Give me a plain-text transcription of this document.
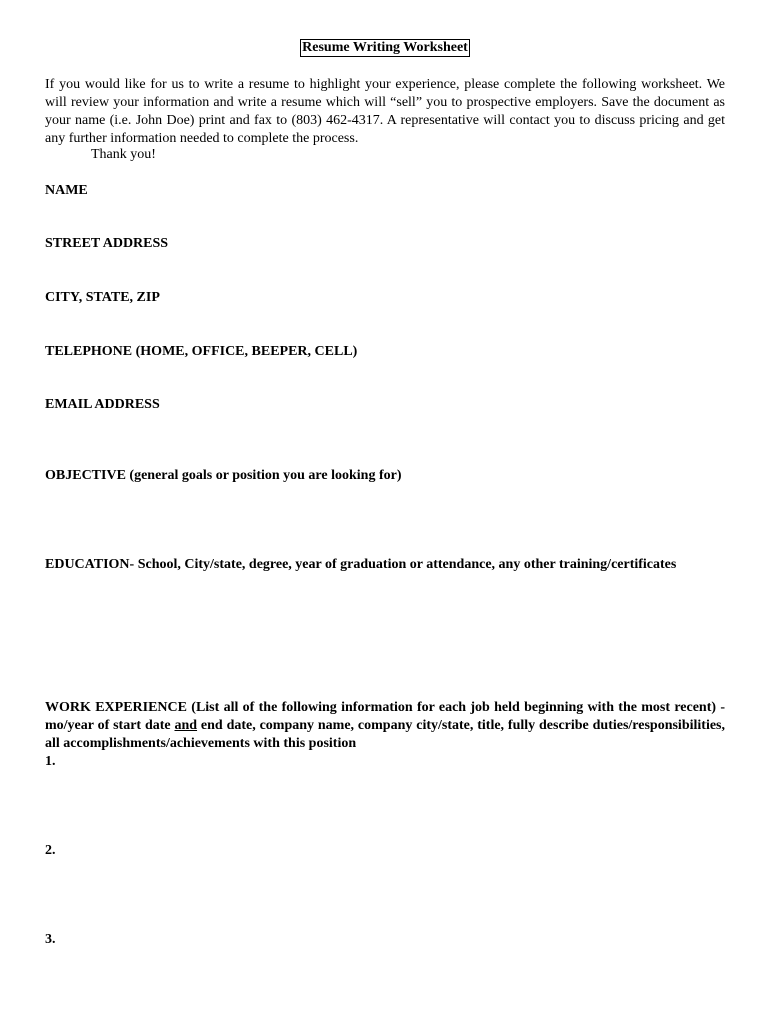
Resume Writing Worksheet

If you would like for us to write a resume to highlight your experience, please complete the following worksheet. We will review your information and write a resume which will “sell” you to prospective employers. Save the document as your name (i.e. John Doe) print and fax to (803) 462-4317. A representative will contact you to discuss pricing and get any further information needed to complete the process.

Thank you!
NAME
STREET ADDRESS
CITY, STATE, ZIP
TELEPHONE (HOME, OFFICE, BEEPER, CELL)
EMAIL ADDRESS
OBJECTIVE (general goals or position you are looking for)
EDUCATION- School, City/state, degree, year of graduation or attendance, any other training/certificates
WORK EXPERIENCE (List all of the following information for each job held beginning with the most recent) - mo/year of start date and end date, company name, company city/state, title, fully describe duties/responsibilities, all accomplishments/achievements with this position
1.
2.
3.
